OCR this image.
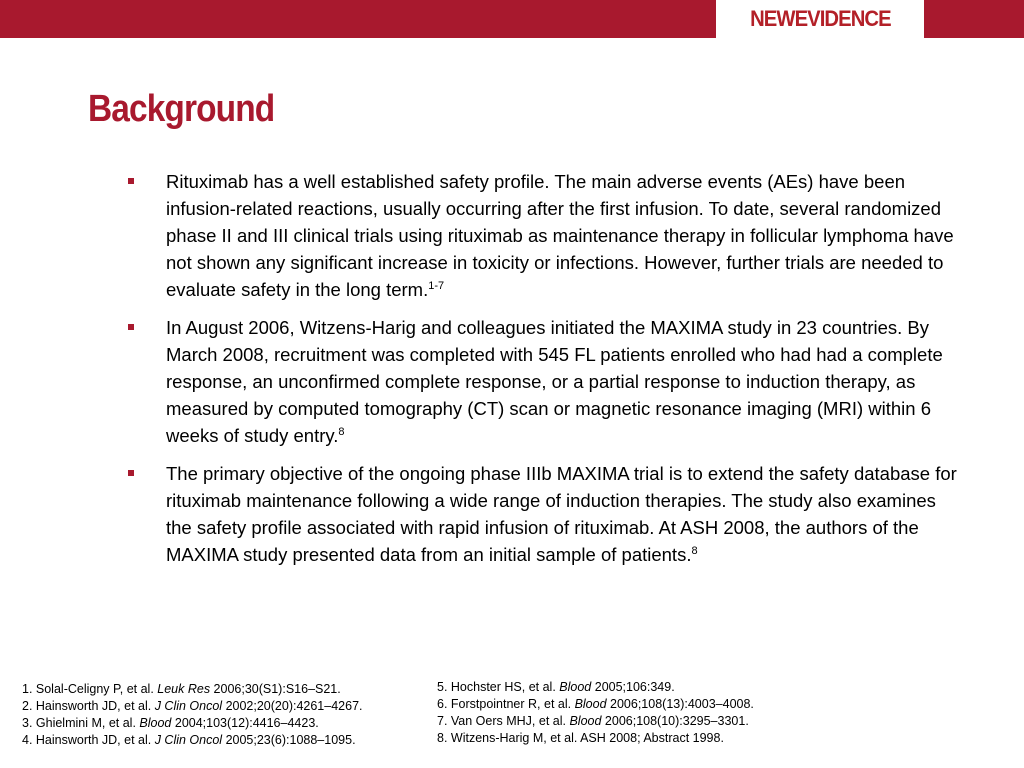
NEWEVIDENCE
Background
Rituximab has a well established safety profile. The main adverse events (AEs) have been infusion-related reactions, usually occurring after the first infusion. To date, several randomized phase II and III clinical trials using rituximab as maintenance therapy in follicular lymphoma have not shown any significant increase in toxicity or infections. However, further trials are needed to evaluate safety in the long term.$^{1-7}$
In August 2006, Witzens-Harig and colleagues initiated the MAXIMA study in 23 countries. By March 2008, recruitment was completed with 545 FL patients enrolled who had had a complete response, an unconfirmed complete response, or a partial response to induction therapy, as measured by computed tomography (CT) scan or magnetic resonance imaging (MRI) within 6 weeks of study entry.$^8$
The primary objective of the ongoing phase IIIb MAXIMA trial is to extend the safety database for rituximab maintenance following a wide range of induction therapies. The study also examines the safety profile associated with rapid infusion of rituximab. At ASH 2008, the authors of the MAXIMA study presented data from an initial sample of patients.$^8$
1. Solal-Celigny P, et al. Leuk Res 2006;30(S1):S16–S21.
2. Hainsworth JD, et al. J Clin Oncol 2002;20(20):4261–4267.
3. Ghielmini M, et al. Blood 2004;103(12):4416–4423.
4. Hainsworth JD, et al. J Clin Oncol 2005;23(6):1088–1095.
5. Hochster HS, et al. Blood 2005;106:349.
6. Forstpointner R, et al. Blood 2006;108(13):4003–4008.
7. Van Oers MHJ, et al. Blood 2006;108(10):3295–3301.
8. Witzens-Harig M, et al. ASH 2008; Abstract 1998.
